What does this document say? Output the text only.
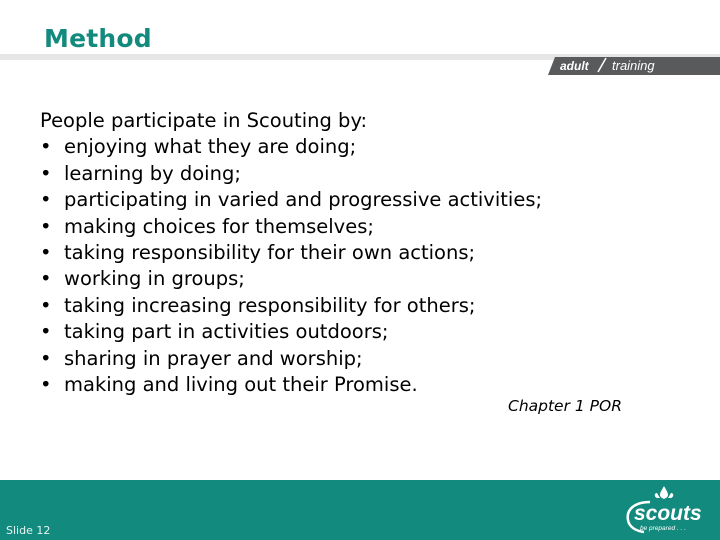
Method
adult training

People participate in Scouting by:

• enjoying what they are doing;
• learning by doing;
• participating in varied and progressive activities;
• making choices for themselves;
• taking responsibility for their own actions;
• working in groups;
• taking increasing responsibility for others;
• taking part in activities outdoors;
• sharing in prayer and worship;
• making and living out their Promise.
Chapter 1 POR
Slide 12
scouts
be prepared . . .
